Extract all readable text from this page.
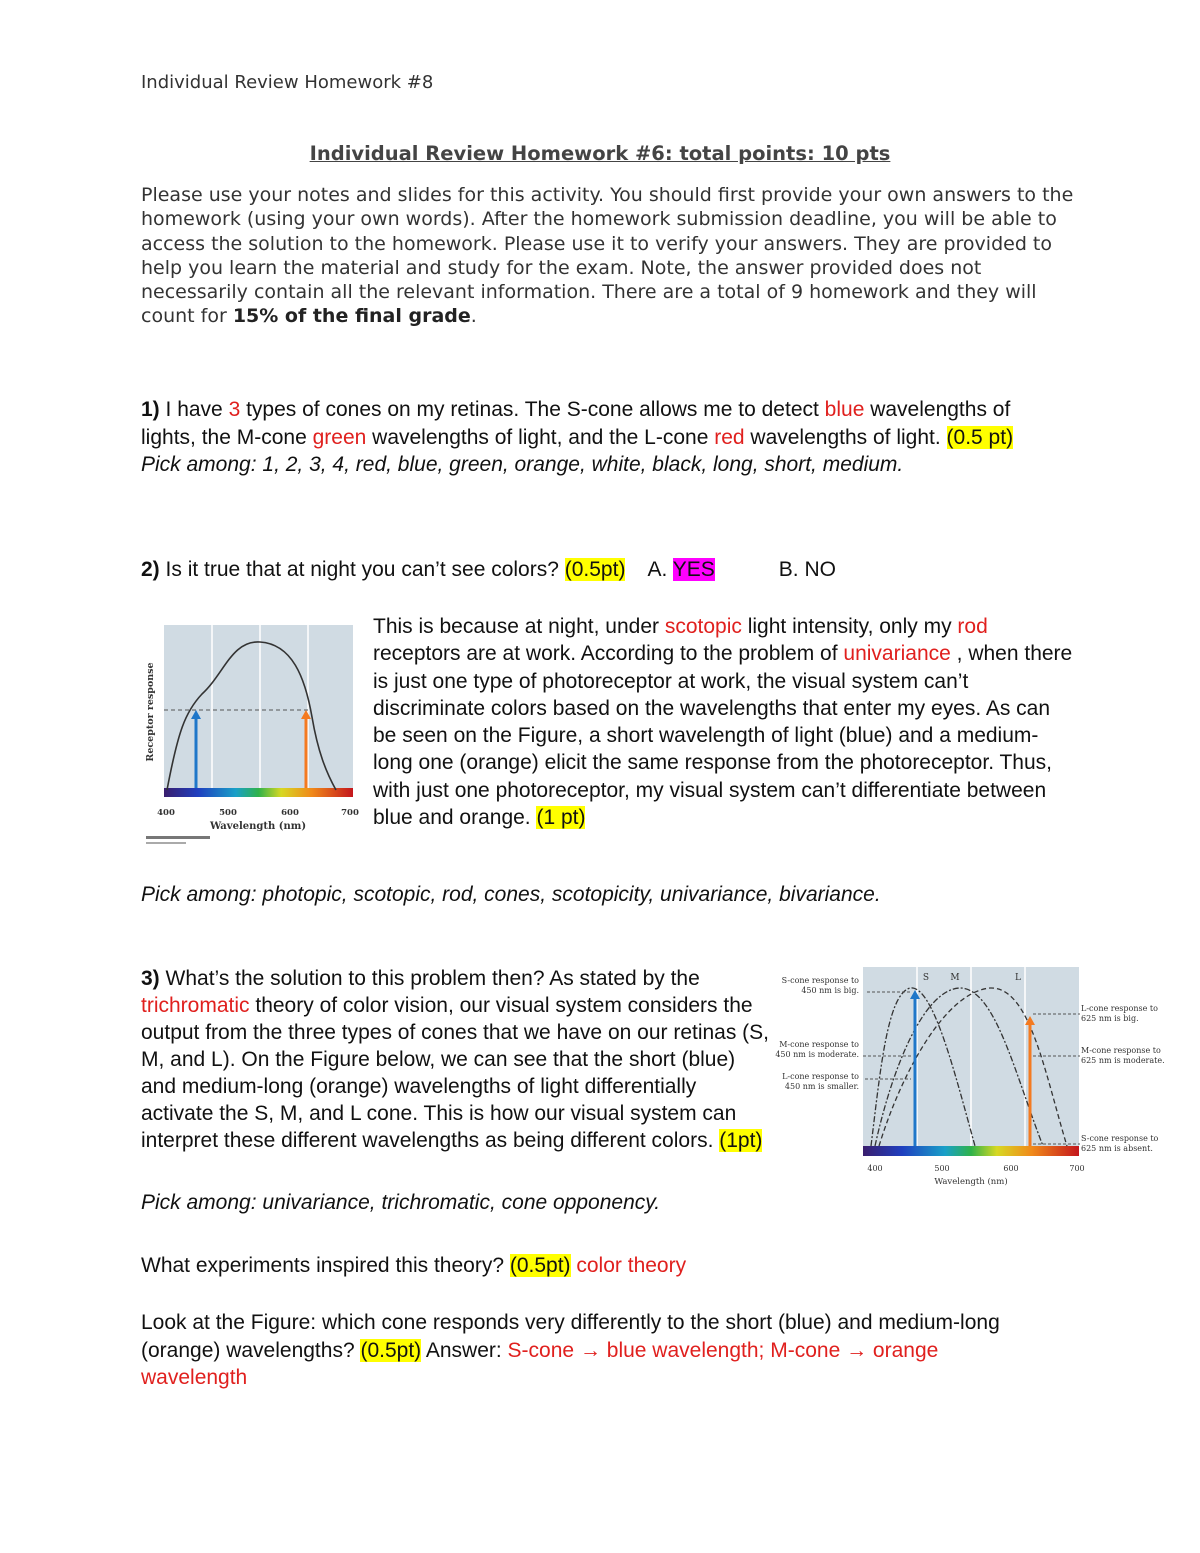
Individual Review Homework #8
Individual Review Homework #6: total points: 10 pts
Please use your notes and slides for this activity. You should first provide your own answers to the homework (using your own words). After the homework submission deadline, you will be able to access the solution to the homework. Please use it to verify your answers. They are provided to help you learn the material and study for the exam. Note, the answer provided does not necessarily contain all the relevant information. There are a total of 9 homework and they will count for 15% of the final grade.
1) I have 3 types of cones on my retinas. The S-cone allows me to detect blue wavelengths of lights, the M-cone green wavelengths of light, and the L-cone red wavelengths of light. (0.5 pt)
Pick among: 1, 2, 3, 4, red, blue, green, orange, white, black, long, short, medium.
2) Is it true that at night you can’t see colors? (0.5pt) A. YES	B. NO
Receptor response
400	500	600	700
Wavelength (nm)
This is because at night, under scotopic light intensity, only my rod receptors are at work. According to the problem of univariance , when there is just one type of photoreceptor at work, the visual system can’t discriminate colors based on the wavelengths that enter my eyes. As can be seen on the Figure, a short wavelength of light (blue) and a medium-long one (orange) elicit the same response from the photoreceptor. Thus, with just one photoreceptor, my visual system can’t differentiate between blue and orange. (1 pt)
Pick among: photopic, scotopic, rod, cones, scotopicity, univariance, bivariance.
3) What’s the solution to this problem then? As stated by the trichromatic theory of color vision, our visual system considers the output from the three types of cones that we have on our retinas (S, M, and L). On the Figure below, we can see that the short (blue) and medium-long (orange) wavelengths of light differentially activate the S, M, and L cone. This is how our visual system can interpret these different wavelengths as being different colors. (1pt)
S M	L
S-cone response to 450 nm is big.
M-cone response to 450 nm is moderate.
L-cone response to 450 nm is smaller.
L-cone response to 625 nm is big.
M-cone response to 625 nm is moderate.
S-cone response to 625 nm is absent.
400	500	600	700
Wavelength (nm)
Pick among: univariance, trichromatic, cone opponency.
What experiments inspired this theory? (0.5pt) color theory
Look at the Figure: which cone responds very differently to the short (blue) and medium-long (orange) wavelengths? (0.5pt) Answer: S-cone → blue wavelength; M-cone → orange wavelength
